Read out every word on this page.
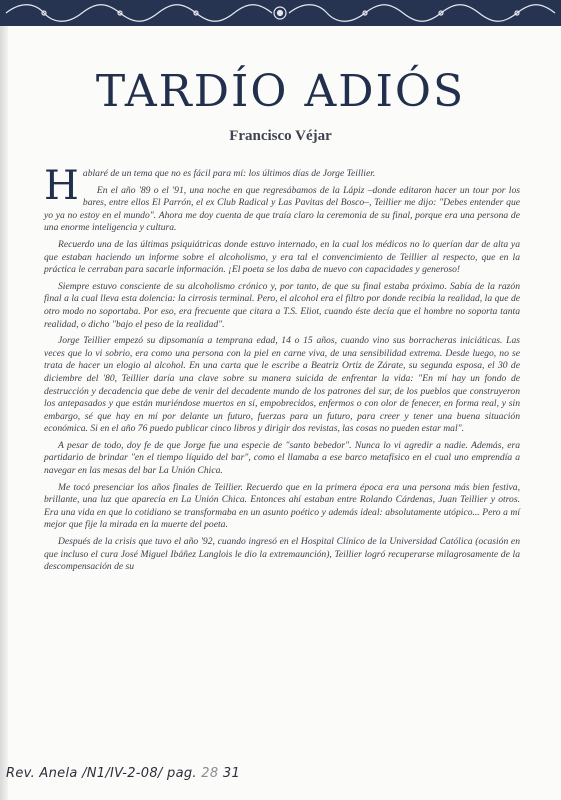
TARDÍO ADIÓS
Francisco Véjar

Hablaré de un tema que no es fácil para mí: los últimos días de Jorge Teillier.

En el año '89 o el '91, una noche en que regresábamos de la Lápiz –donde editaron hacer un tour por los bares, entre ellos El Parrón, el ex Club Radical y Las Pavitas del Bosco–, Teillier me dijo: "Debes entender que yo ya no estoy en el mundo". Ahora me doy cuenta de que traía claro la ceremonia de su final, porque era una persona de una enorme inteligencia y cultura.

Recuerdo una de las últimas psiquiátricas donde estuvo internado, en la cual los médicos no lo querían dar de alta ya que estaban haciendo un informe sobre el alcoholismo, y era tal el convencimiento de Teillier al respecto, que en la práctica le cerraban para sacarle información. ¡El poeta se los daba de nuevo con capacidades y generoso!

Siempre estuvo consciente de su alcoholismo crónico y, por tanto, de que su final estaba próximo. Sabía de la razón final a la cual lleva esta dolencia: la cirrosis terminal. Pero, el alcohol era el filtro por donde recibía la realidad, la que de otro modo no soportaba. Por eso, era frecuente que citara a T.S. Eliot, cuando éste decía que el hombre no soporta tanta realidad, o dicho "bajo el peso de la realidad".

Jorge Teillier empezó su dipsomanía a temprana edad, 14 o 15 años, cuando vino sus borracheras iniciáticas. Las veces que lo vi sobrio, era como una persona con la piel en carne viva, de una sensibilidad extrema. Desde luego, no se trata de hacer un elogio al alcohol. En una carta que le escribe a Beatriz Ortiz de Zárate, su segunda esposa, el 30 de diciembre del '80, Teillier daría una clave sobre su manera suicida de enfrentar la vida: "En mí hay un fondo de destrucción y decadencia que debe de venir del decadente mundo de los patrones del sur, de los pueblos que construyeron los antepasados y que están muriéndose muertos en sí, empobrecidos, enfermos o con olor de fenecer, en forma real, y sin embargo, sé que hay en mí por delante un futuro, fuerzas para un futuro, para creer y tener una buena situación económica. Si en el año 76 puedo publicar cinco libros y dirigir dos revistas, las cosas no pueden estar mal".

A pesar de todo, doy fe de que Jorge fue una especie de "santo bebedor". Nunca lo vi agredir a nadie. Además, era partidario de brindar "en el tiempo líquido del bar", como el llamaba a ese barco metafísico en el cual uno emprendía a navegar en las mesas del bar La Unión Chica.

Me tocó presenciar los años finales de Teillier. Recuerdo que en la primera época era una persona más bien festiva, brillante, una luz que aparecía en La Unión Chica. Entonces ahí estaban entre Rolando Cárdenas, Juan Teillier y otros. Era una vida en que lo cotidiano se transformaba en un asunto poético y además ideal: absolutamente utópico... Pero a mí mejor que fije la mirada en la muerte del poeta.

Después de la crisis que tuvo el año '92, cuando ingresó en el Hospital Clínico de la Universidad Católica (ocasión en que incluso el cura José Miguel Ibáñez Langlois le dio la extremaunción), Teillier logró recuperarse milagrosamente de la descompensación de su

Rev. Anela /N1/IV-2-08/ pag. 28 31
